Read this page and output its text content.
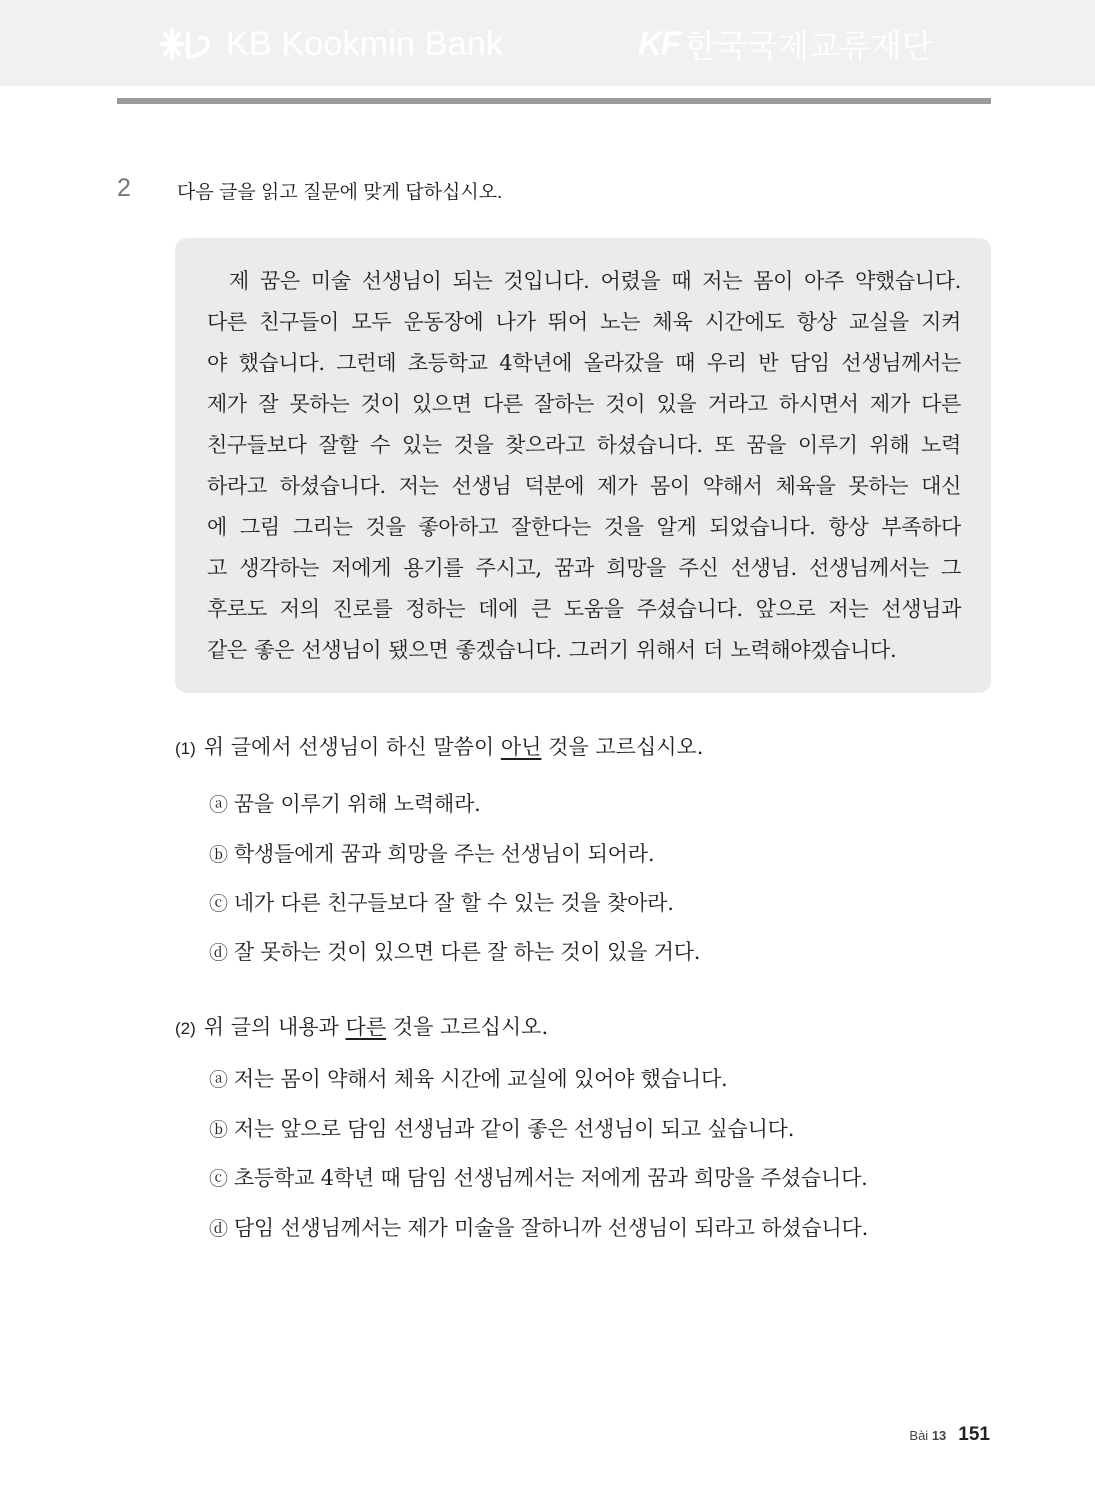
KB Kookmin Bank	KF 한국국제교류재단
2 다음 글을 읽고 질문에 맞게 답하십시오.
제 꿈은 미술 선생님이 되는 것입니다. 어렸을 때 저는 몸이 아주 약했습니다.
다른 친구들이 모두 운동장에 나가 뛰어 노는 체육 시간에도 항상 교실을 지켜
야 했습니다. 그런데 초등학교 4학년에 올라갔을 때 우리 반 담임 선생님께서는
제가 잘 못하는 것이 있으면 다른 잘하는 것이 있을 거라고 하시면서 제가 다른
친구들보다 잘할 수 있는 것을 찾으라고 하셨습니다. 또 꿈을 이루기 위해 노력
하라고 하셨습니다. 저는 선생님 덕분에 제가 몸이 약해서 체육을 못하는 대신
에 그림 그리는 것을 좋아하고 잘한다는 것을 알게 되었습니다. 항상 부족하다
고 생각하는 저에게 용기를 주시고, 꿈과 희망을 주신 선생님. 선생님께서는 그
후로도 저의 진로를 정하는 데에 큰 도움을 주셨습니다. 앞으로 저는 선생님과
같은 좋은 선생님이 됐으면 좋겠습니다. 그러기 위해서 더 노력해야겠습니다.
(1) 위 글에서 선생님이 하신 말씀이 아닌 것을 고르십시오.
ⓐ 꿈을 이루기 위해 노력해라.
ⓑ 학생들에게 꿈과 희망을 주는 선생님이 되어라.
ⓒ 네가 다른 친구들보다 잘 할 수 있는 것을 찾아라.
ⓓ 잘 못하는 것이 있으면 다른 잘 하는 것이 있을 거다.
(2) 위 글의 내용과 다른 것을 고르십시오.
ⓐ 저는 몸이 약해서 체육 시간에 교실에 있어야 했습니다.
ⓑ 저는 앞으로 담임 선생님과 같이 좋은 선생님이 되고 싶습니다.
ⓒ 초등학교 4학년 때 담임 선생님께서는 저에게 꿈과 희망을 주셨습니다.
ⓓ 담임 선생님께서는 제가 미술을 잘하니까 선생님이 되라고 하셨습니다.
Bài 13 151
